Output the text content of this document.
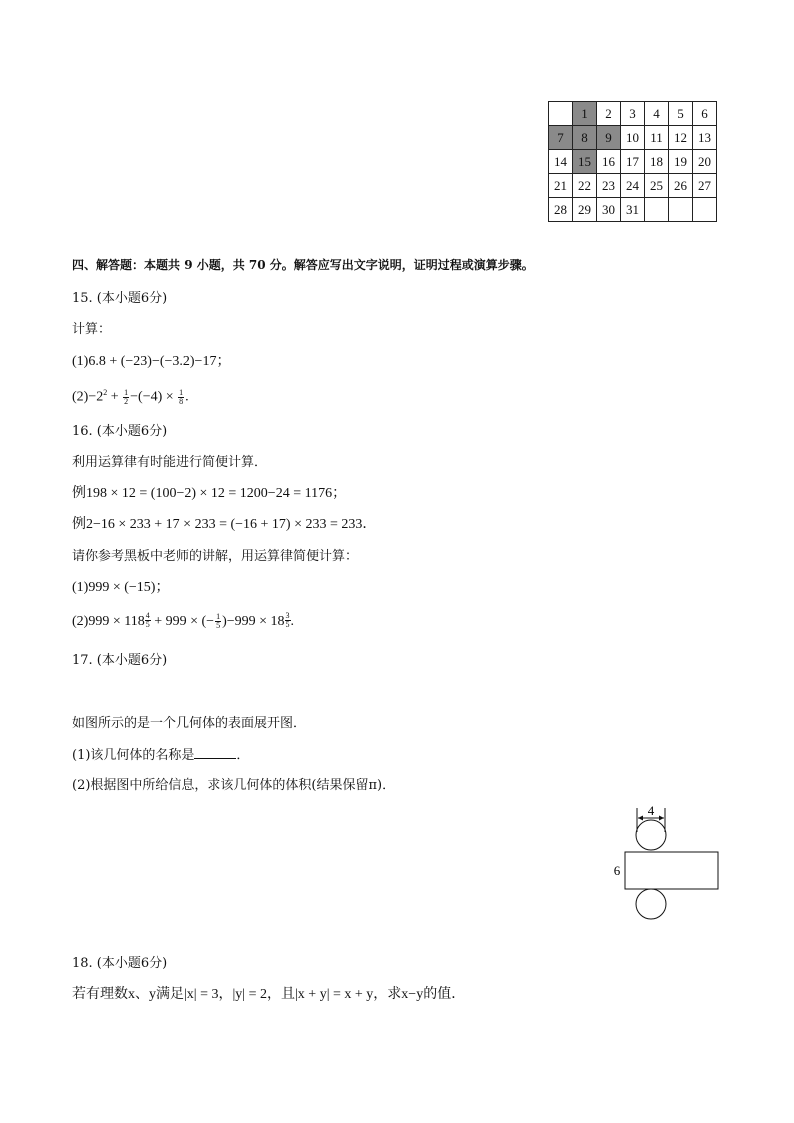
	1	2	3	4	5	6
7	8	9	10	11	12	13
14	15	16	17	18	19	20
21	22	23	24	25	26	27
28	29	30	31			
四、解答题：本题共 9 小题，共 70 分。解答应写出文字说明，证明过程或演算步骤。
15. (本小题6分)
计算：
(1)6.8 + (−23)−(−3.2)−17；
$(2)-2^2 + \frac{1}{2} -(-4) \times \frac{1}{8}$ .
16. (本小题6分)
利用运算律有时能进行简便计算．
例198 × 12 = (100−2) × 12 = 1200−24 = 1176；
例2−16 × 233 + 17 × 233 = (−16 + 17) × 233 = 233．
请你参考黑板中老师的讲解，用运算律简便计算：
(1)999 × (−15)；
$(2)999 \times 118 \frac{4}{5} + 999$ × (− $\frac{1}{5} )-999 \times 18 \frac{3}{5}$ .
17. (本小题6分)
如图所示的是一个几何体的表面展开图．
(1)该几何体的名称是	．
(2)根据图中所给信息，求该几何体的体积(结果保留π)．
4
6
18. (本小题6分)
若有理数x、y满足|x| = 3，|y| = 2，且|x + y| = x + y，求x−y的值．
